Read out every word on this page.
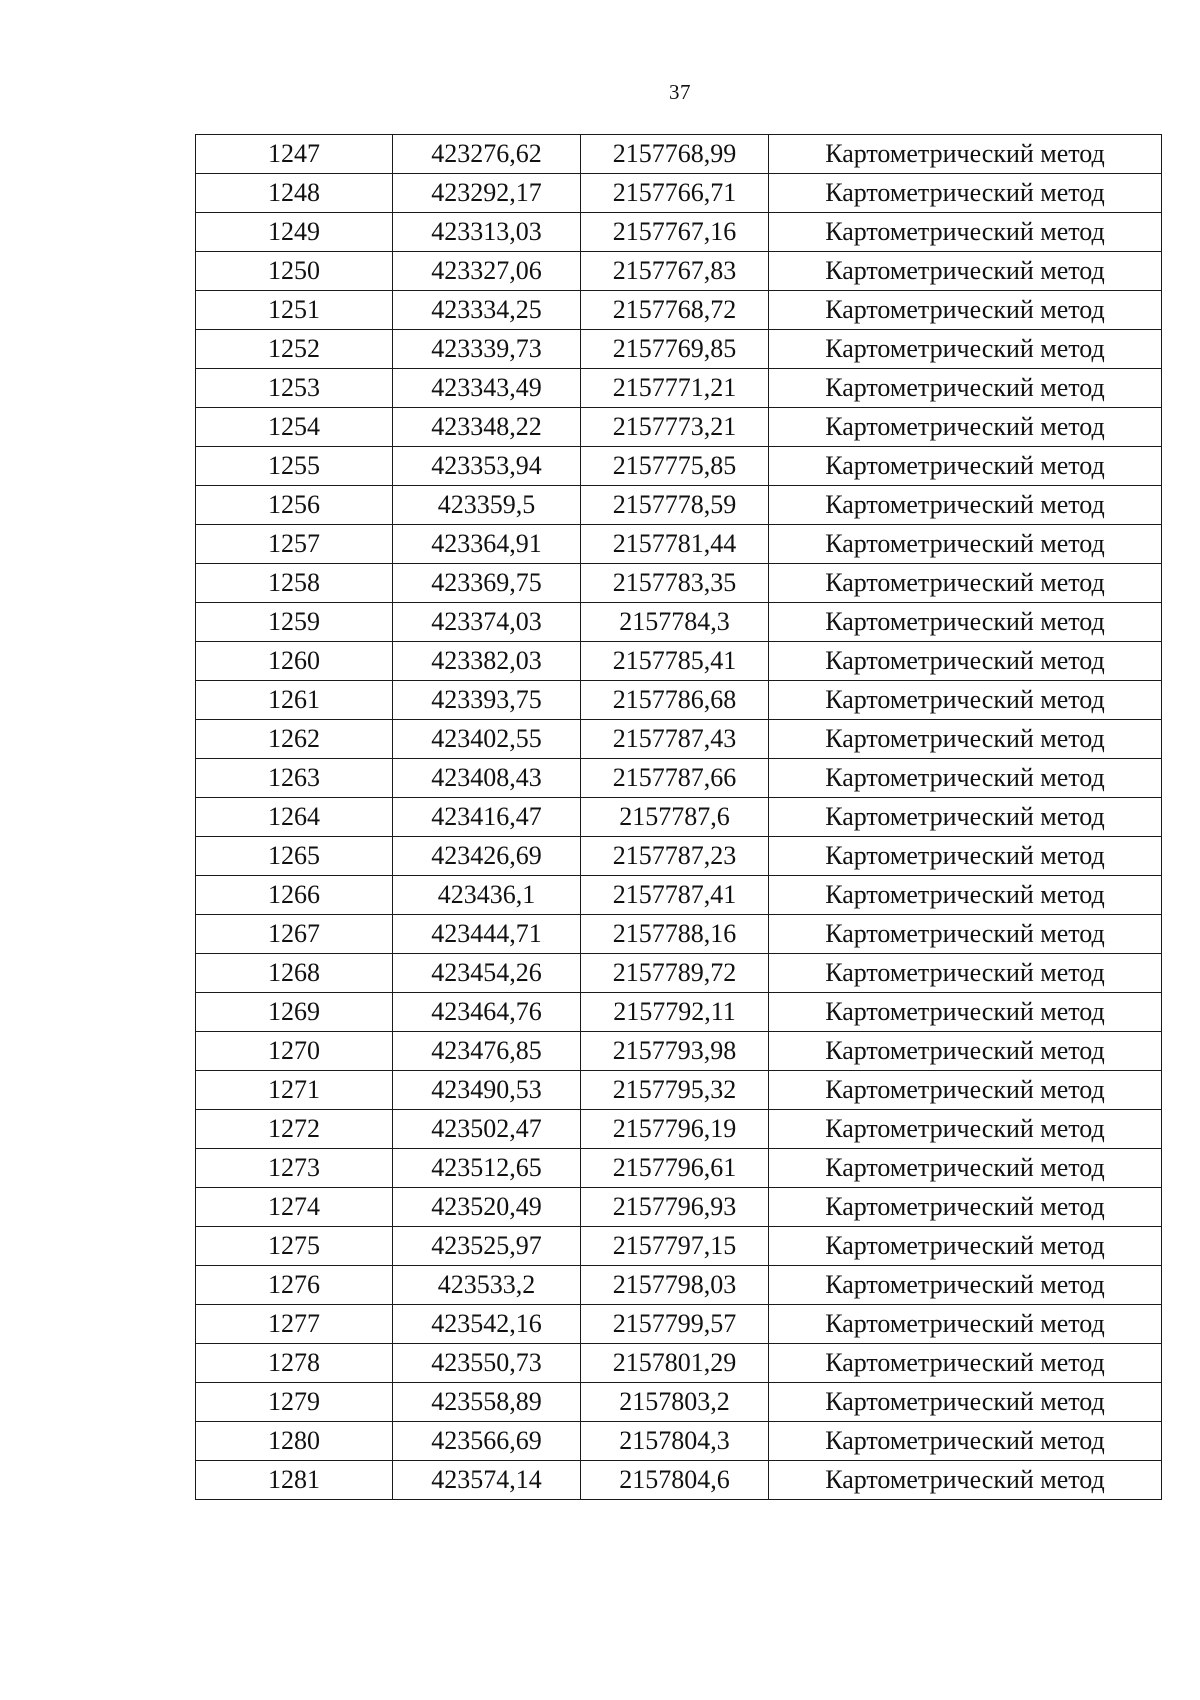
37
1247	423276,62	2157768,99	Картометрический метод
1248	423292,17	2157766,71	Картометрический метод
1249	423313,03	2157767,16	Картометрический метод
1250	423327,06	2157767,83	Картометрический метод
1251	423334,25	2157768,72	Картометрический метод
1252	423339,73	2157769,85	Картометрический метод
1253	423343,49	2157771,21	Картометрический метод
1254	423348,22	2157773,21	Картометрический метод
1255	423353,94	2157775,85	Картометрический метод
1256	423359,5	2157778,59	Картометрический метод
1257	423364,91	2157781,44	Картометрический метод
1258	423369,75	2157783,35	Картометрический метод
1259	423374,03	2157784,3	Картометрический метод
1260	423382,03	2157785,41	Картометрический метод
1261	423393,75	2157786,68	Картометрический метод
1262	423402,55	2157787,43	Картометрический метод
1263	423408,43	2157787,66	Картометрический метод
1264	423416,47	2157787,6	Картометрический метод
1265	423426,69	2157787,23	Картометрический метод
1266	423436,1	2157787,41	Картометрический метод
1267	423444,71	2157788,16	Картометрический метод
1268	423454,26	2157789,72	Картометрический метод
1269	423464,76	2157792,11	Картометрический метод
1270	423476,85	2157793,98	Картометрический метод
1271	423490,53	2157795,32	Картометрический метод
1272	423502,47	2157796,19	Картометрический метод
1273	423512,65	2157796,61	Картометрический метод
1274	423520,49	2157796,93	Картометрический метод
1275	423525,97	2157797,15	Картометрический метод
1276	423533,2	2157798,03	Картометрический метод
1277	423542,16	2157799,57	Картометрический метод
1278	423550,73	2157801,29	Картометрический метод
1279	423558,89	2157803,2	Картометрический метод
1280	423566,69	2157804,3	Картометрический метод
1281	423574,14	2157804,6	Картометрический метод
